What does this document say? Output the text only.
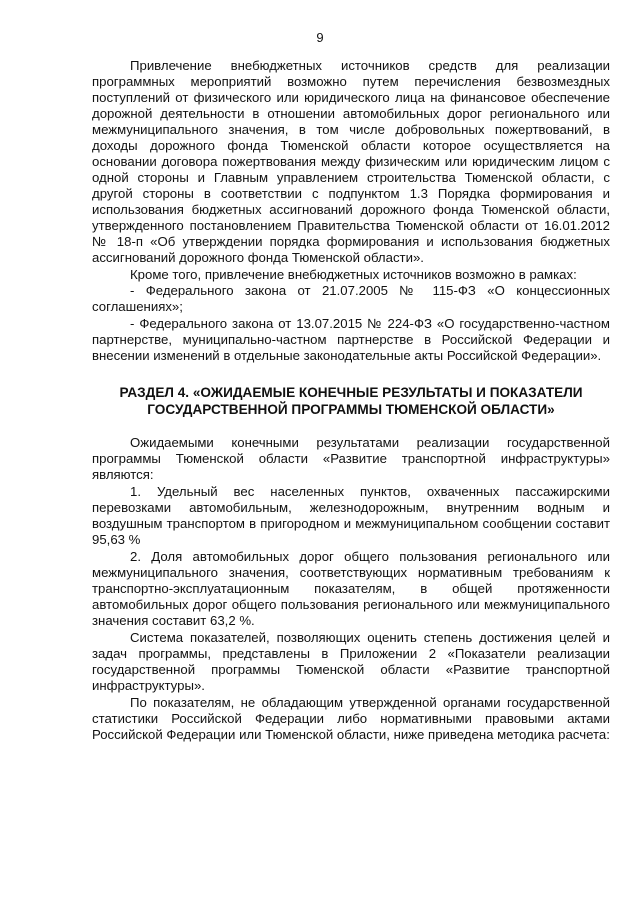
9

Привлечение внебюджетных источников средств для реализации программных мероприятий возможно путем перечисления безвозмездных поступлений от физического или юридического лица на финансовое обеспечение дорожной деятельности в отношении автомобильных дорог регионального или межмуниципального значения, в том числе добровольных пожертвований, в доходы дорожного фонда Тюменской области которое осуществляется на основании договора пожертвования между физическим или юридическим лицом с одной стороны и Главным управлением строительства Тюменской области, с другой стороны в соответствии с подпунктом 1.3 Порядка формирования и использования бюджетных ассигнований дорожного фонда Тюменской области, утвержденного постановлением Правительства Тюменской области от 16.01.2012 № 18-п «Об утверждении порядка формирования и использования бюджетных ассигнований дорожного фонда Тюменской области».

Кроме того, привлечение внебюджетных источников возможно в рамках:

- Федерального закона от 21.07.2005 № 115-ФЗ «О концессионных соглашениях»;

- Федерального закона от 13.07.2015 № 224-ФЗ «О государственно-частном партнерстве, муниципально-частном партнерстве в Российской Федерации и внесении изменений в отдельные законодательные акты Российской Федерации».

РАЗДЕЛ 4. «ОЖИДАЕМЫЕ КОНЕЧНЫЕ РЕЗУЛЬТАТЫ И ПОКАЗАТЕЛИ ГОСУДАРСТВЕННОЙ ПРОГРАММЫ ТЮМЕНСКОЙ ОБЛАСТИ»

Ожидаемыми конечными результатами реализации государственной программы Тюменской области «Развитие транспортной инфраструктуры» являются:

1. Удельный вес населенных пунктов, охваченных пассажирскими перевозками автомобильным, железнодорожным, внутренним водным и воздушным транспортом в пригородном и межмуниципальном сообщении составит 95,63 %

2. Доля автомобильных дорог общего пользования регионального или межмуниципального значения, соответствующих нормативным требованиям к транспортно-эксплуатационным показателям, в общей протяженности автомобильных дорог общего пользования регионального или межмуниципального значения составит 63,2 %.

Система показателей, позволяющих оценить степень достижения целей и задач программы, представлены в Приложении 2 «Показатели реализации государственной программы Тюменской области «Развитие транспортной инфраструктуры».

По показателям, не обладающим утвержденной органами государственной статистики Российской Федерации либо нормативными правовыми актами Российской Федерации или Тюменской области, ниже приведена методика расчета:
